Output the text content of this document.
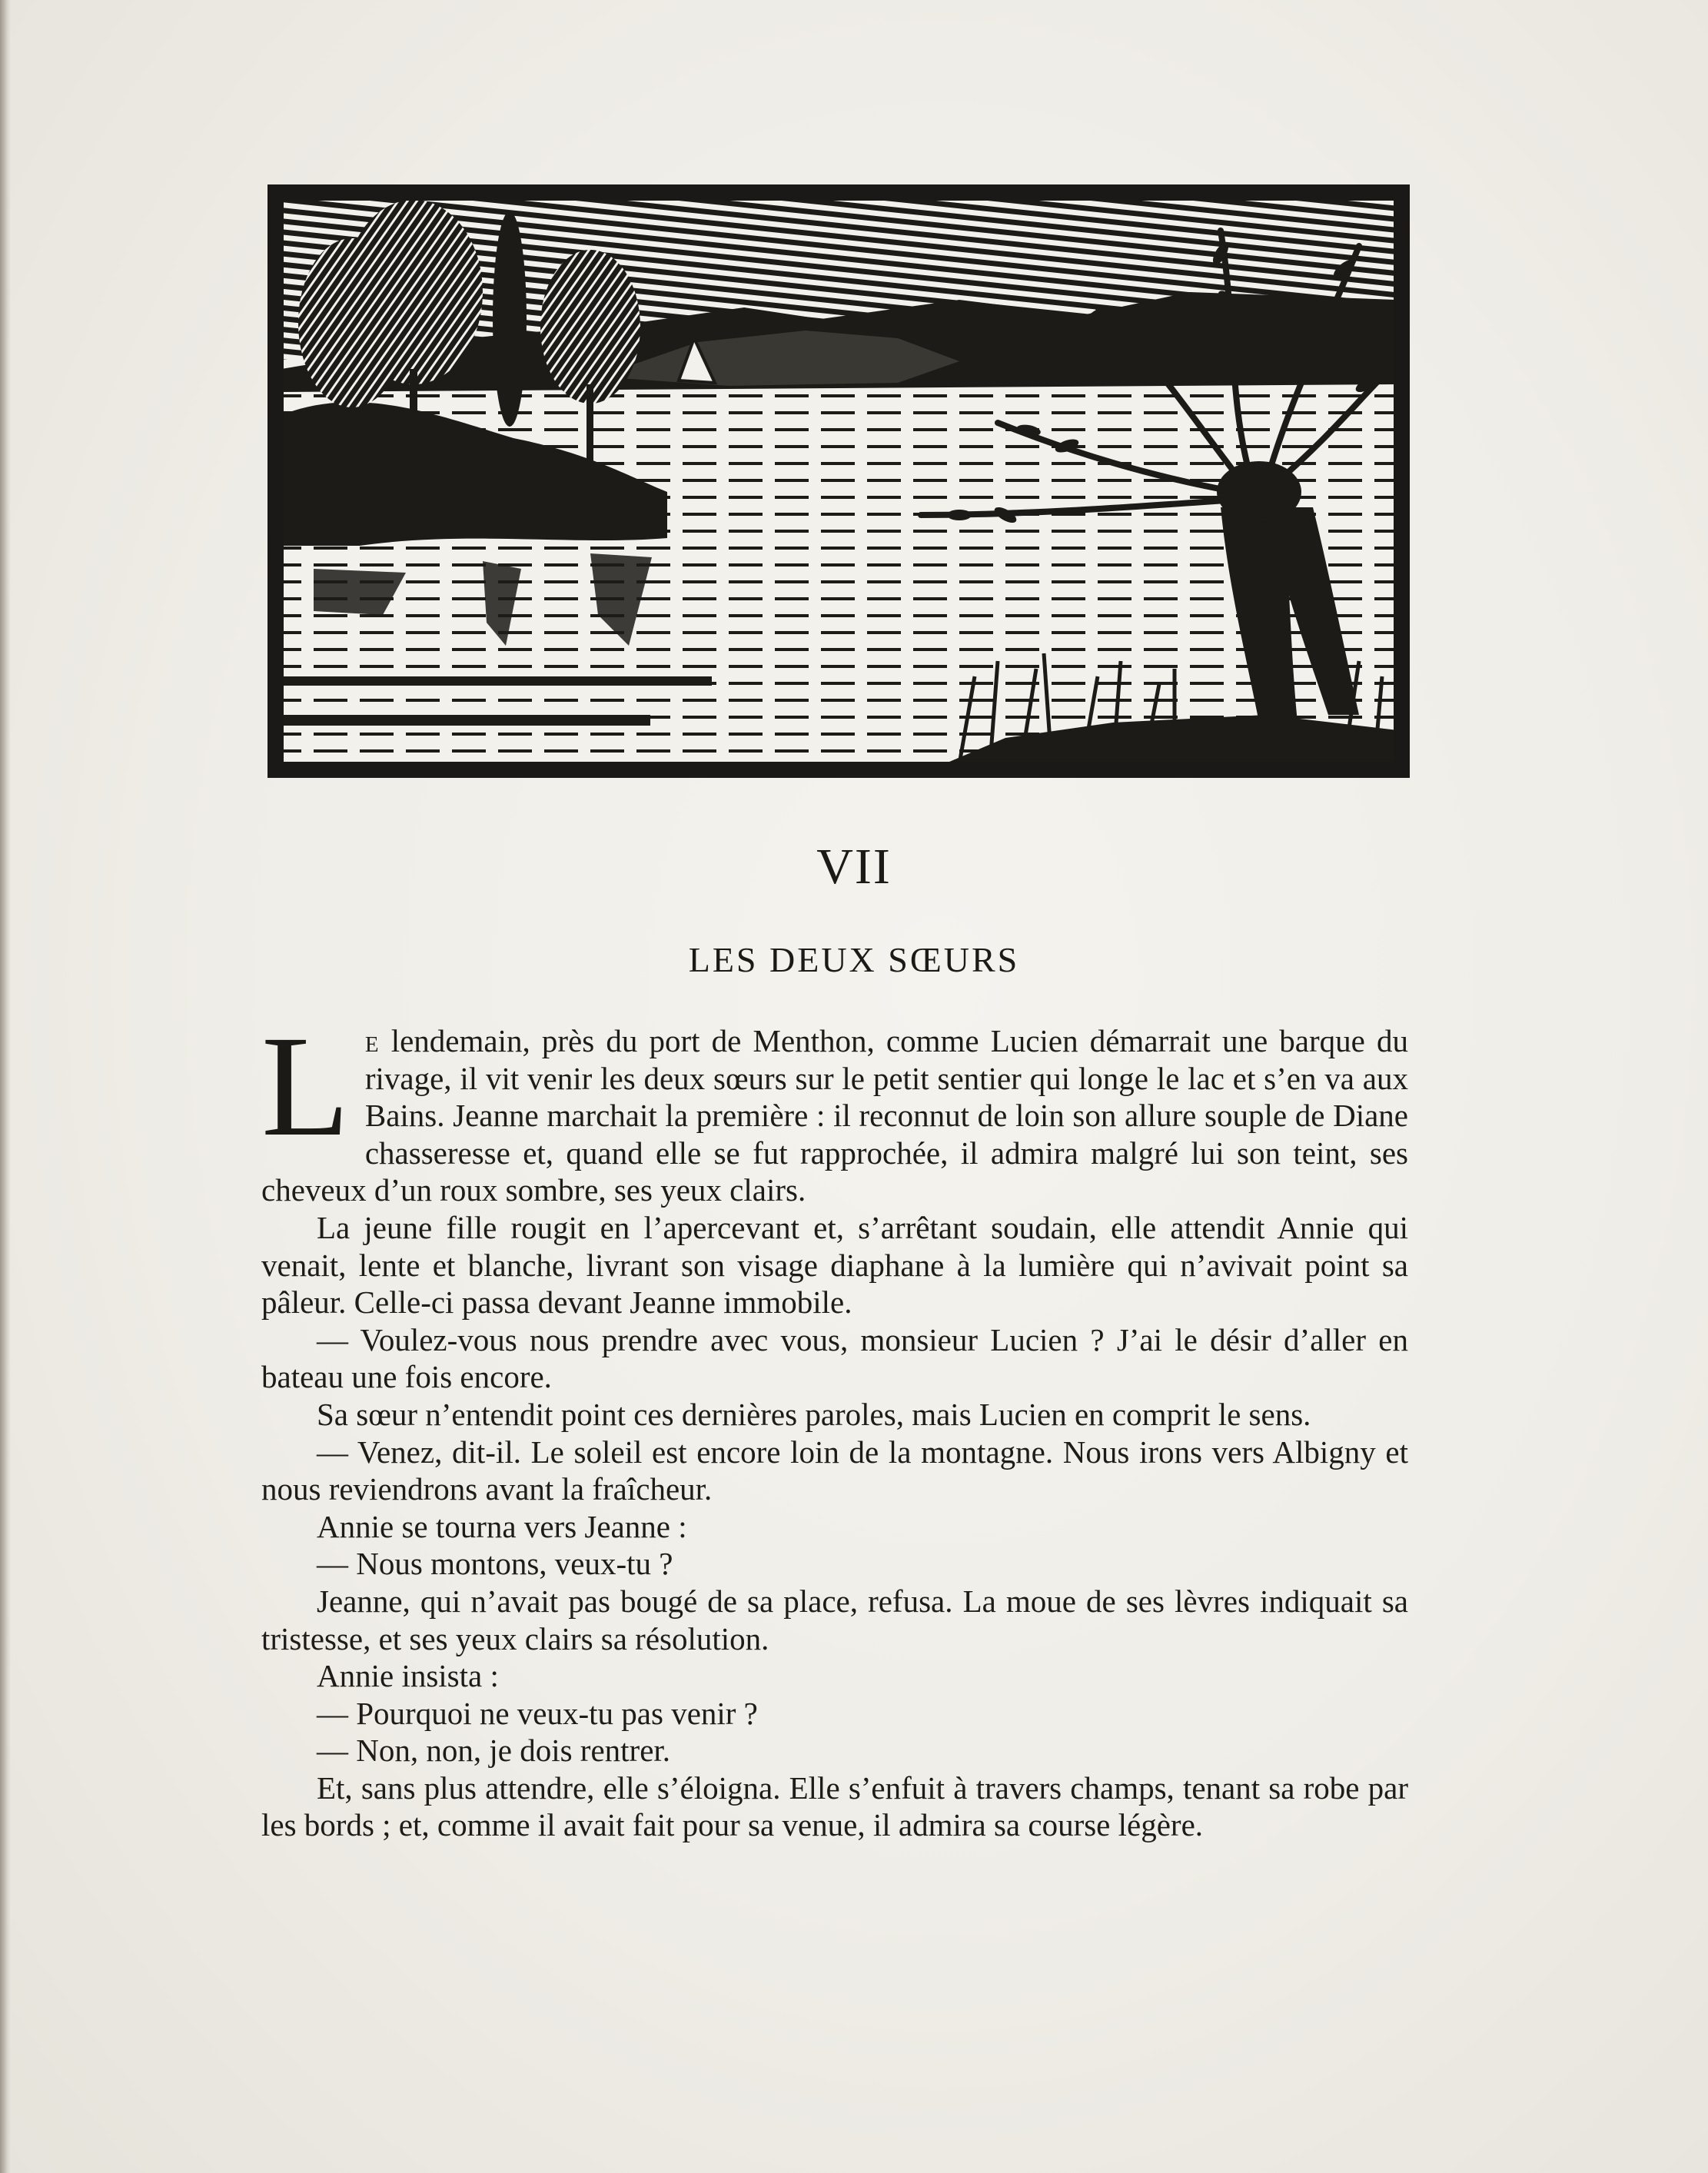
VII
LES DEUX SŒURS

Le lendemain, près du port de Menthon, comme Lucien démarrait une barque du rivage, il vit venir les deux sœurs sur le petit sentier qui longe le lac et s’en va aux Bains. Jeanne marchait la première : il reconnut de loin son allure souple de Diane chasseresse et, quand elle se fut rapprochée, il admira malgré lui son teint, ses cheveux d’un roux sombre, ses yeux clairs.

La jeune fille rougit en l’apercevant et, s’arrêtant soudain, elle attendit Annie qui venait, lente et blanche, livrant son visage diaphane à la lumière qui n’avivait point sa pâleur. Celle-ci passa devant Jeanne immobile.

— Voulez-vous nous prendre avec vous, monsieur Lucien ? J’ai le désir d’aller en bateau une fois encore.

Sa sœur n’entendit point ces dernières paroles, mais Lucien en comprit le sens.

— Venez, dit-il. Le soleil est encore loin de la montagne. Nous irons vers Albigny et nous reviendrons avant la fraîcheur.

Annie se tourna vers Jeanne :

— Nous montons, veux-tu ?

Jeanne, qui n’avait pas bougé de sa place, refusa. La moue de ses lèvres indiquait sa tristesse, et ses yeux clairs sa résolution.

Annie insista :

— Pourquoi ne veux-tu pas venir ?

— Non, non, je dois rentrer.

Et, sans plus attendre, elle s’éloigna. Elle s’enfuit à travers champs, tenant sa robe par les bords ; et, comme il avait fait pour sa venue, il admira sa course légère.
